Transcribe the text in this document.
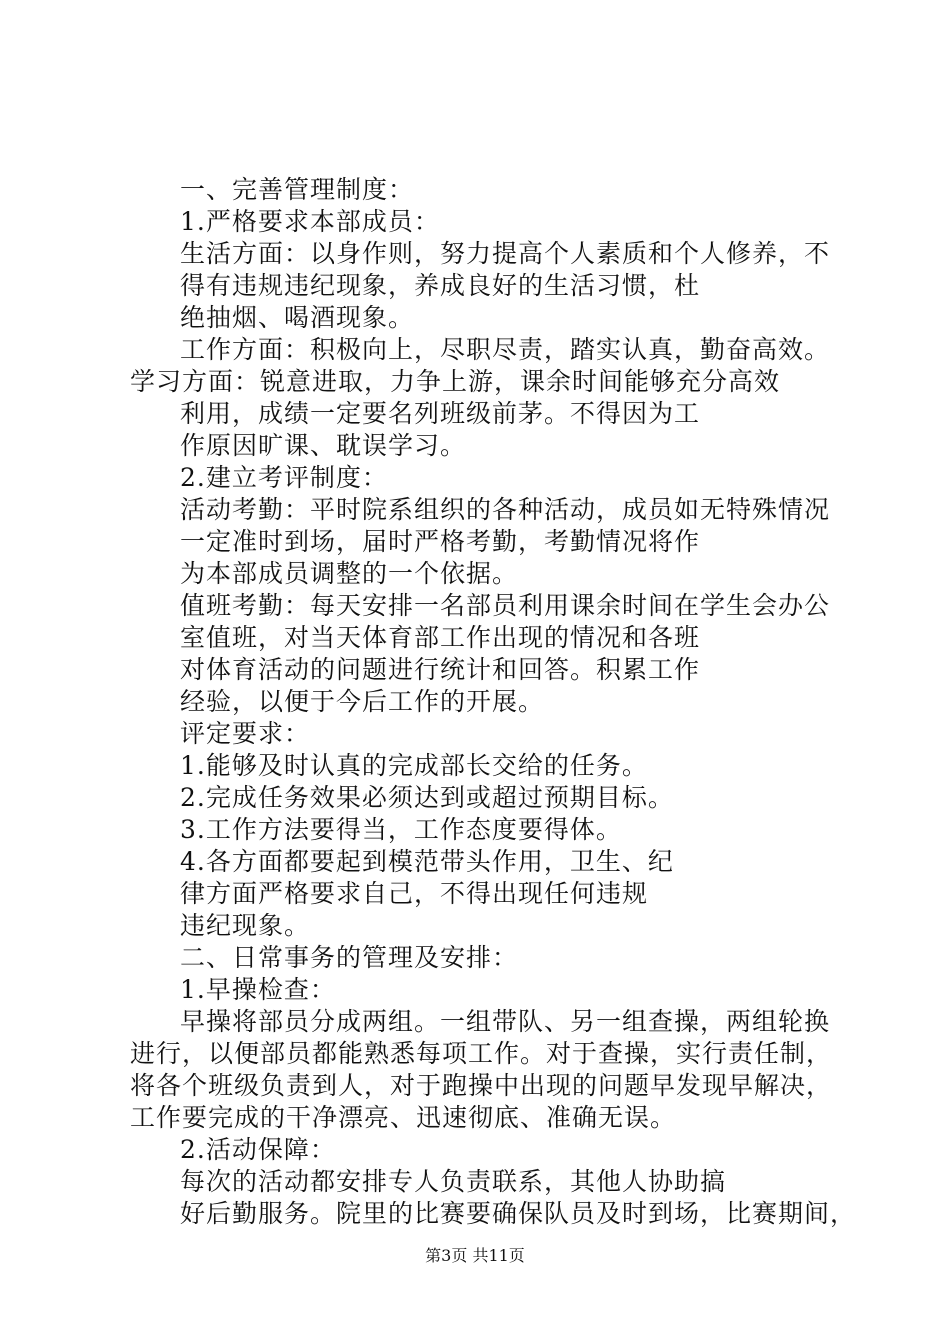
一、完善管理制度：
1.严格要求本部成员：
生活方面：以身作则，努力提高个人素质和个人修养，不
得有违规违纪现象，养成良好的生活习惯，杜
绝抽烟、喝酒现象。
工作方面：积极向上，尽职尽责，踏实认真，勤奋高效。
学习方面：锐意进取，力争上游，课余时间能够充分高效
利用，成绩一定要名列班级前茅。不得因为工
作原因旷课、耽误学习。
2.建立考评制度：
活动考勤：平时院系组织的各种活动，成员如无特殊情况
一定准时到场，届时严格考勤，考勤情况将作
为本部成员调整的一个依据。
值班考勤：每天安排一名部员利用课余时间在学生会办公
室值班，对当天体育部工作出现的情况和各班
对体育活动的问题进行统计和回答。积累工作
经验，以便于今后工作的开展。
评定要求：
1.能够及时认真的完成部长交给的任务。
2.完成任务效果必须达到或超过预期目标。
3.工作方法要得当，工作态度要得体。
4.各方面都要起到模范带头作用，卫生、纪
律方面严格要求自己，不得出现任何违规
违纪现象。
二、日常事务的管理及安排：
1.早操检查：
早操将部员分成两组。一组带队、另一组查操，两组轮换
进行，以便部员都能熟悉每项工作。对于查操，实行责任制，
将各个班级负责到人，对于跑操中出现的问题早发现早解决，
工作要完成的干净漂亮、迅速彻底、准确无误。
2.活动保障：
每次的活动都安排专人负责联系，其他人协助搞
好后勤服务。院里的比赛要确保队员及时到场，比赛期间，
第3页 共11页
